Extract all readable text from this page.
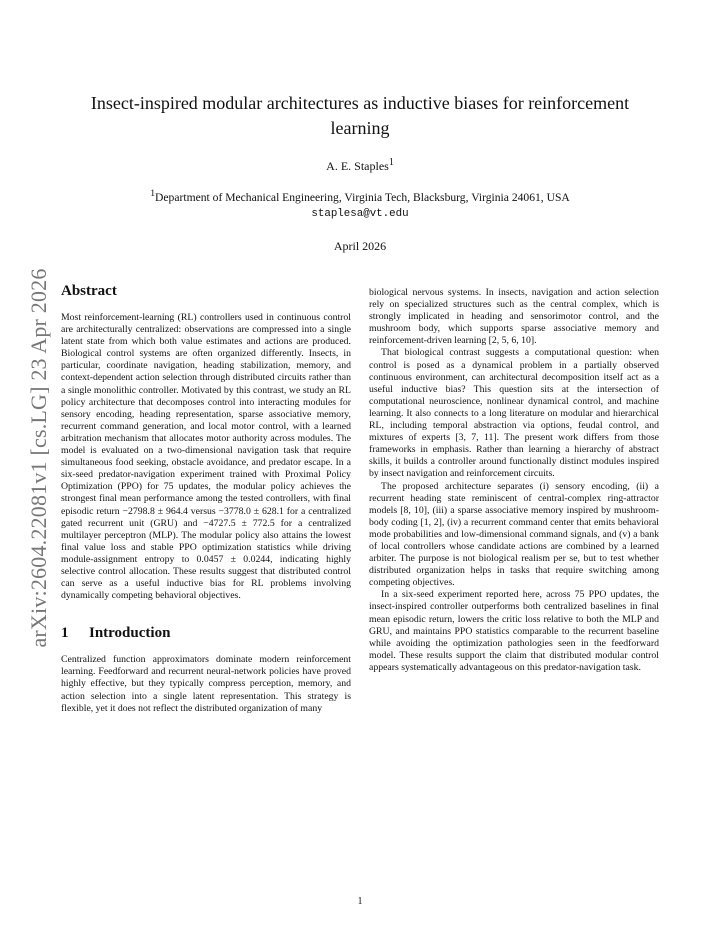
arXiv:2604.22081v1 [cs.LG] 23 Apr 2026
Insect-inspired modular architectures as inductive biases for reinforcement learning
A. E. Staples$^1$
$^1$Department of Mechanical Engineering, Virginia Tech, Blacksburg, Virginia 24061, USA
staplesa@vt.edu
April 2026
Abstract

Most reinforcement-learning (RL) controllers used in continuous control are architecturally centralized: observations are compressed into a single latent state from which both value estimates and actions are produced. Biological control systems are often organized differently. Insects, in particular, coordinate navigation, heading stabilization, memory, and context-dependent action selection through distributed circuits rather than a single monolithic controller. Motivated by this contrast, we study an RL policy architecture that decomposes control into interacting modules for sensory encoding, heading representation, sparse associative memory, recurrent command generation, and local motor control, with a learned arbitration mechanism that allocates motor authority across modules. The model is evaluated on a two-dimensional navigation task that require simultaneous food seeking, obstacle avoidance, and predator escape. In a six-seed predator-navigation experiment trained with Proximal Policy Optimization (PPO) for 75 updates, the modular policy achieves the strongest final mean performance among the tested controllers, with final episodic return −2798.8 ± 964.4 versus −3778.0 ± 628.1 for a centralized gated recurrent unit (GRU) and −4727.5 ± 772.5 for a centralized multilayer perceptron (MLP). The modular policy also attains the lowest final value loss and stable PPO optimization statistics while driving module-assignment entropy to 0.0457 ± 0.0244, indicating highly selective control allocation. These results suggest that distributed control can serve as a useful inductive bias for RL problems involving dynamically competing behavioral objectives.

1 Introduction

Centralized function approximators dominate modern reinforcement learning. Feedforward and recurrent neural-network policies have proved highly effective, but they typically compress perception, memory, and action selection into a single latent representation. This strategy is flexible, yet it does not reflect the distributed organization of many

biological nervous systems. In insects, navigation and action selection rely on specialized structures such as the central complex, which is strongly implicated in heading and sensorimotor control, and the mushroom body, which supports sparse associative memory and reinforcement-driven learning [2, 5, 6, 10].

That biological contrast suggests a computational question: when control is posed as a dynamical problem in a partially observed continuous environment, can architectural decomposition itself act as a useful inductive bias? This question sits at the intersection of computational neuroscience, nonlinear dynamical control, and machine learning. It also connects to a long literature on modular and hierarchical RL, including temporal abstraction via options, feudal control, and mixtures of experts [3, 7, 11]. The present work differs from those frameworks in emphasis. Rather than learning a hierarchy of abstract skills, it builds a controller around functionally distinct modules inspired by insect navigation and reinforcement circuits.

The proposed architecture separates (i) sensory encoding, (ii) a recurrent heading state reminiscent of central-complex ring-attractor models [8, 10], (iii) a sparse associative memory inspired by mushroom-body coding [1, 2], (iv) a recurrent command center that emits behavioral mode probabilities and low-dimensional command signals, and (v) a bank of local controllers whose candidate actions are combined by a learned arbiter. The purpose is not biological realism per se, but to test whether distributed organization helps in tasks that require switching among competing objectives.

In a six-seed experiment reported here, across 75 PPO updates, the insect-inspired controller outperforms both centralized baselines in final mean episodic return, lowers the critic loss relative to both the MLP and GRU, and maintains PPO statistics comparable to the recurrent baseline while avoiding the optimization pathologies seen in the feedforward model. These results support the claim that distributed modular control appears systematically advantageous on this predator-navigation task.

1
